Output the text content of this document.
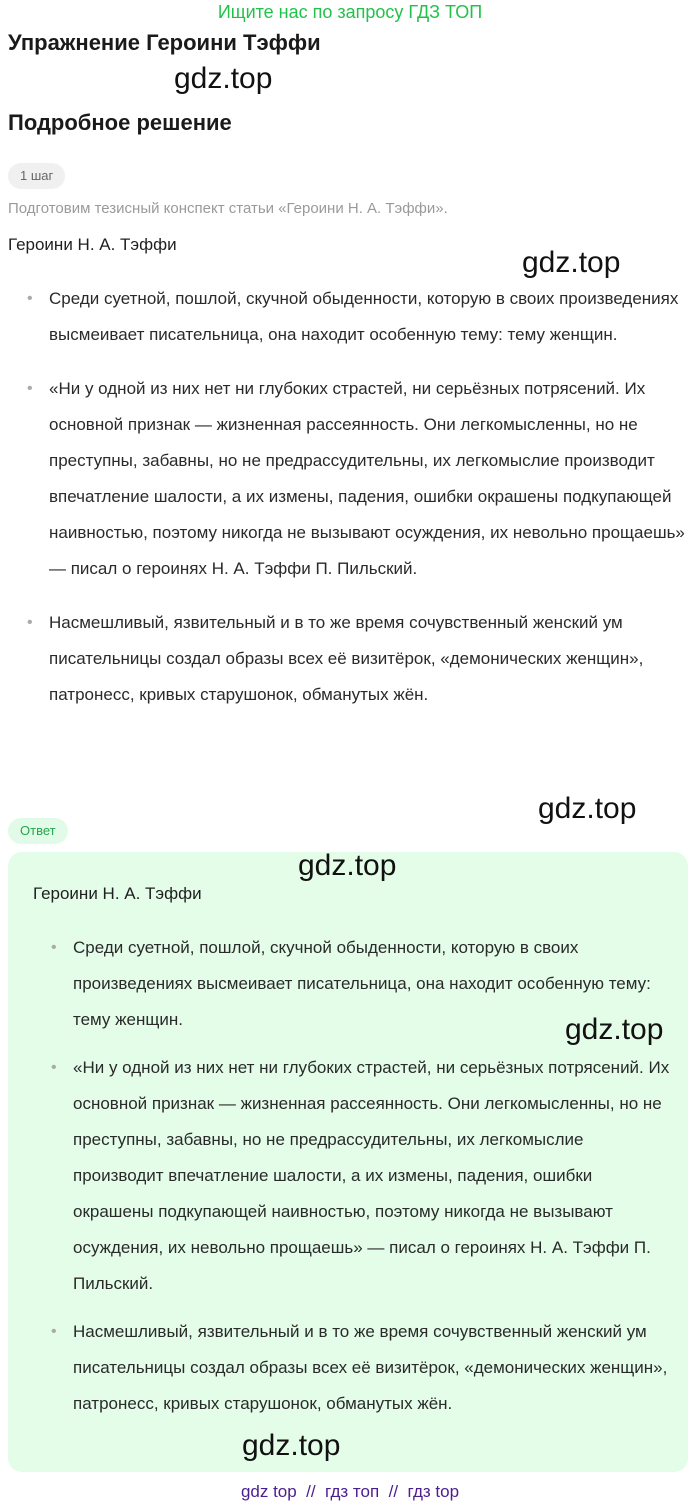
Ищите нас по запросу ГДЗ ТОП
Упражнение Героини Тэффи
gdz.top
Подробное решение
1 шаг
Подготовим тезисный конспект статьи «Героини Н. А. Тэффи».
Героини Н. А. Тэффи
gdz.top
• Среди суетной, пошлой, скучной обыденности, которую в своих произведениях высмеивает писательница, она находит особенную тему: тему женщин.
• «Ни у одной из них нет ни глубоких страстей, ни серьёзных потрясений. Их основной признак — жизненная рассеянность. Они легкомысленны, но не преступны, забавны, но не предрассудительны, их легкомыслие производит впечатление шалости, а их измены, падения, ошибки окрашены подкупающей наивностью, поэтому никогда не вызывают осуждения, их невольно прощаешь» — писал о героинях Н. А. Тэффи П. Пильский.
• Насмешливый, язвительный и в то же время сочувственный женский ум писательницы создал образы всех её визитёрок, «демонических женщин», патронесс, кривых старушонок, обманутых жён.
gdz.top
Ответ
gdz.top
Героини Н. А. Тэффи
• Среди суетной, пошлой, скучной обыденности, которую в своих произведениях высмеивает писательница, она находит особенную тему: тему женщин.
• «Ни у одной из них нет ни глубоких страстей, ни серьёзных потрясений. Их основной признак — жизненная рассеянность. Они легкомысленны, но не преступны, забавны, но не предрассудительны, их легкомыслие производит впечатление шалости, а их измены, падения, ошибки окрашены подкупающей наивностью, поэтому никогда не вызывают осуждения, их невольно прощаешь» — писал о героинях Н. А. Тэффи П. Пильский.
• Насмешливый, язвительный и в то же время сочувственный женский ум писательницы создал образы всех её визитёрок, «демонических женщин», патронесс, кривых старушонок, обманутых жён.
gdz.top
gdz.top
gdz top  //  гдз топ  //  гдз top
